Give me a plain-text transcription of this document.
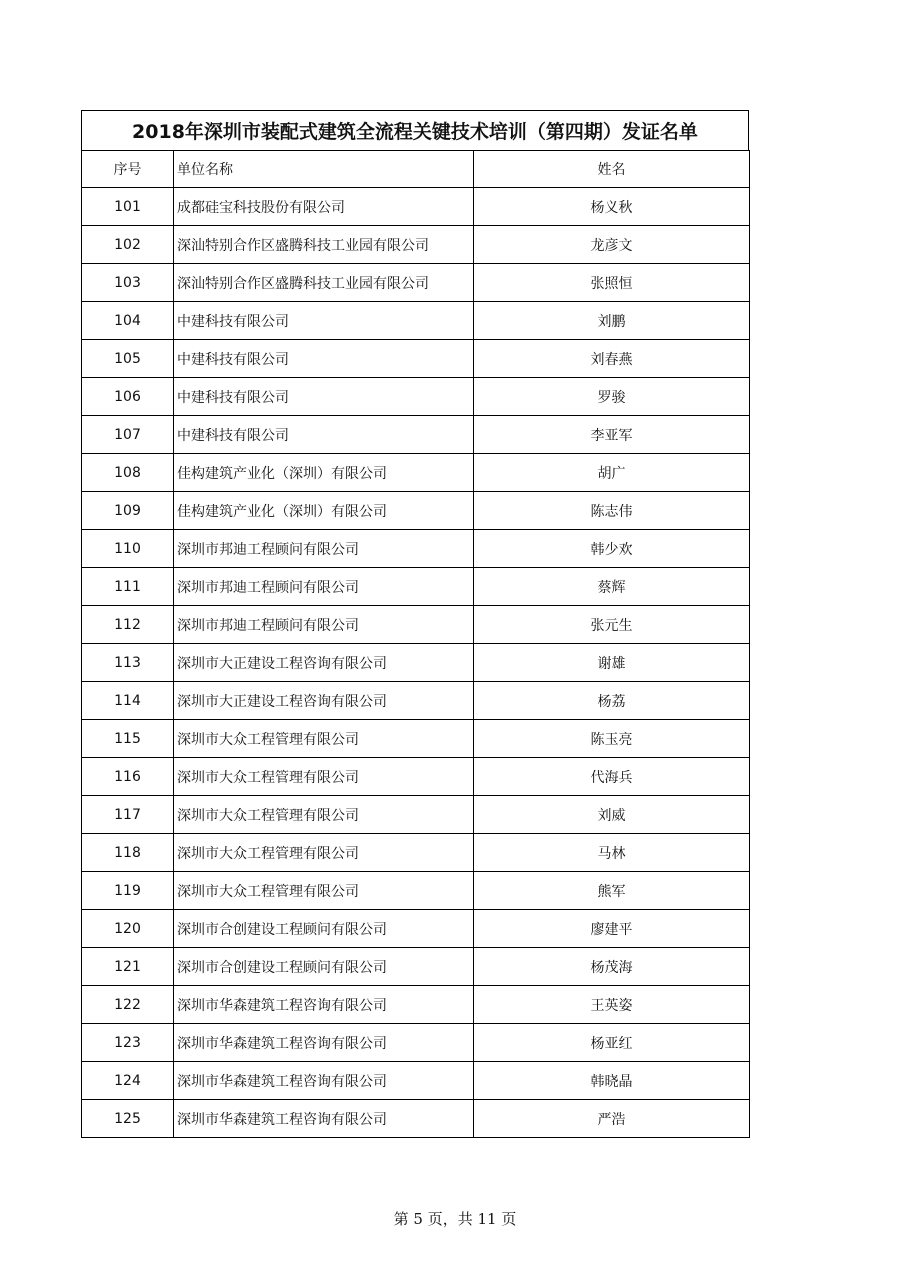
2018年深圳市装配式建筑全流程关键技术培训（第四期）发证名单
序号	单位名称	姓名
101	成都硅宝科技股份有限公司	杨义秋
102	深汕特别合作区盛腾科技工业园有限公司	龙彦文
103	深汕特别合作区盛腾科技工业园有限公司	张照恒
104	中建科技有限公司	刘鹏
105	中建科技有限公司	刘春燕
106	中建科技有限公司	罗骏
107	中建科技有限公司	李亚军
108	佳构建筑产业化（深圳）有限公司	胡广
109	佳构建筑产业化（深圳）有限公司	陈志伟
110	深圳市邦迪工程顾问有限公司	韩少欢
111	深圳市邦迪工程顾问有限公司	蔡辉
112	深圳市邦迪工程顾问有限公司	张元生
113	深圳市大正建设工程咨询有限公司	谢雄
114	深圳市大正建设工程咨询有限公司	杨荔
115	深圳市大众工程管理有限公司	陈玉亮
116	深圳市大众工程管理有限公司	代海兵
117	深圳市大众工程管理有限公司	刘威
118	深圳市大众工程管理有限公司	马林
119	深圳市大众工程管理有限公司	熊军
120	深圳市合创建设工程顾问有限公司	廖建平
121	深圳市合创建设工程顾问有限公司	杨茂海
122	深圳市华森建筑工程咨询有限公司	王英姿
123	深圳市华森建筑工程咨询有限公司	杨亚红
124	深圳市华森建筑工程咨询有限公司	韩晓晶
125	深圳市华森建筑工程咨询有限公司	严浩
第 5 页，共 11 页
